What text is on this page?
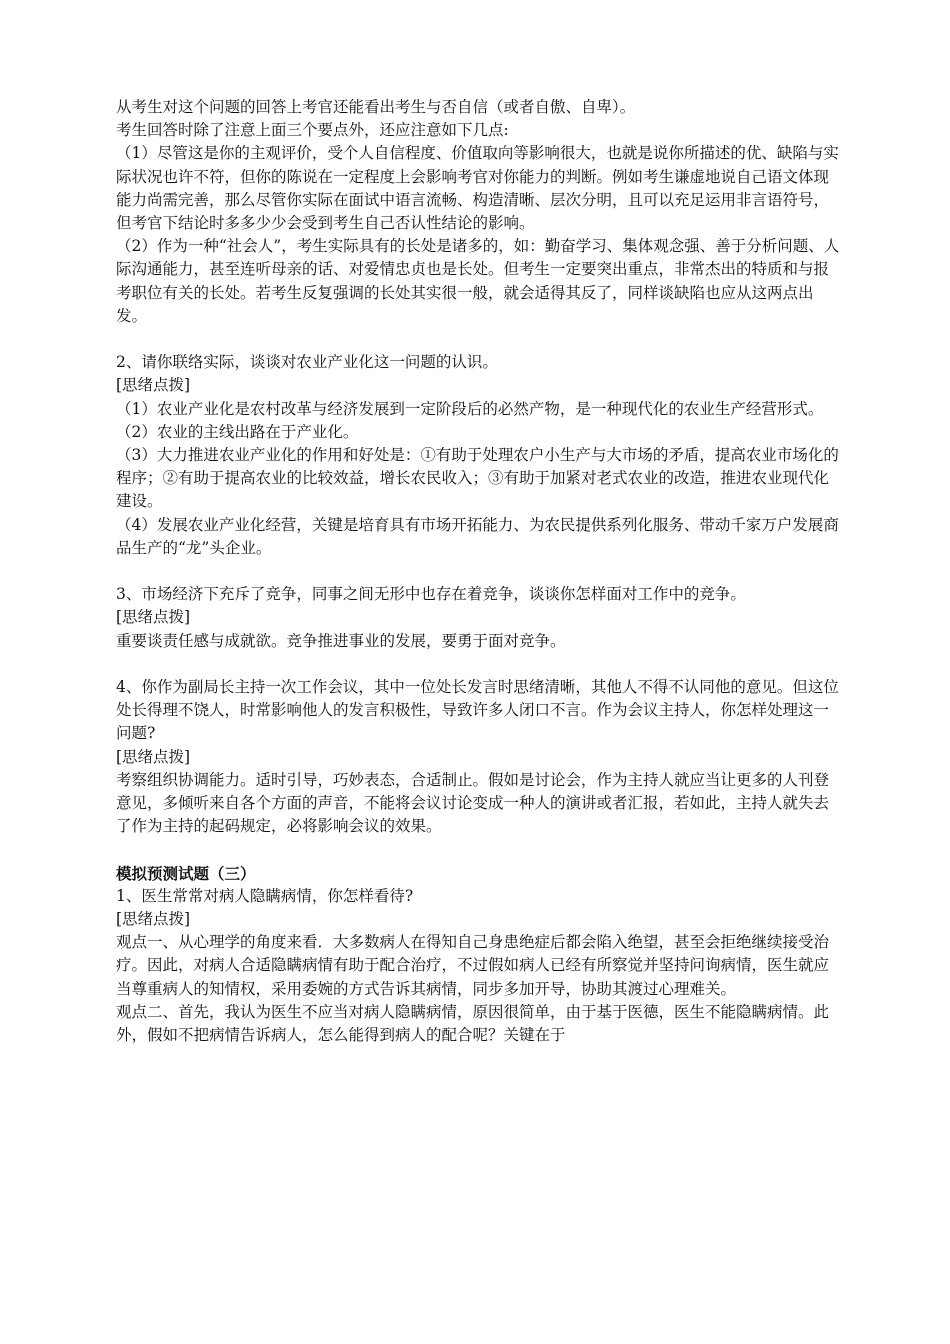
从考生对这个问题的回答上考官还能看出考生与否自信（或者自傲、自卑）。

考生回答时除了注意上面三个要点外，还应注意如下几点:

（1）尽管这是你的主观评价，受个人自信程度、价值取向等影响很大，也就是说你所描述的优、缺陷与实际状况也许不符，但你的陈说在一定程度上会影响考官对你能力的判断。例如考生谦虚地说自己语文体现能力尚需完善，那么尽管你实际在面试中语言流畅、构造清晰、层次分明，且可以充足运用非言语符号，但考官下结论时多多少少会受到考生自己否认性结论的影响。

（2）作为一种“社会人”，考生实际具有的长处是诸多的，如：勤奋学习、集体观念强、善于分析问题、人际沟通能力，甚至连听母亲的话、对爱情忠贞也是长处。但考生一定要突出重点，非常杰出的特质和与报考职位有关的长处。若考生反复强调的长处其实很一般，就会适得其反了，同样谈缺陷也应从这两点出发。

2、请你联络实际，谈谈对农业产业化这一问题的认识。

[思绪点拨]

（1）农业产业化是农村改革与经济发展到一定阶段后的必然产物，是一种现代化的农业生产经营形式。

（2）农业的主线出路在于产业化。

（3）大力推进农业产业化的作用和好处是：①有助于处理农户小生产与大市场的矛盾，提高农业市场化的程序；②有助于提高农业的比较效益，增长农民收入；③有助于加紧对老式农业的改造，推进农业现代化建设。

（4）发展农业产业化经营，关键是培育具有市场开拓能力、为农民提供系列化服务、带动千家万户发展商品生产的“龙”头企业。

3、市场经济下充斥了竞争，同事之间无形中也存在着竞争，谈谈你怎样面对工作中的竞争。

[思绪点拨]

重要谈责任感与成就欲。竞争推进事业的发展，要勇于面对竞争。

4、你作为副局长主持一次工作会议，其中一位处长发言时思绪清晰，其他人不得不认同他的意见。但这位处长得理不饶人，时常影响他人的发言积极性，导致许多人闭口不言。作为会议主持人，你怎样处理这一问题?

[思绪点拨]

考察组织协调能力。适时引导，巧妙表态，合适制止。假如是讨论会，作为主持人就应当让更多的人刊登意见，多倾听来自各个方面的声音，不能将会议讨论变成一种人的演讲或者汇报，若如此，主持人就失去了作为主持的起码规定，必将影响会议的效果。

模拟预测试题（三）

1、医生常常对病人隐瞒病情，你怎样看待?

[思绪点拨]

观点一、从心理学的角度来看．大多数病人在得知自己身患绝症后都会陷入绝望，甚至会拒绝继续接受治疗。因此，对病人合适隐瞒病情有助于配合治疗，不过假如病人已经有所察觉并坚持问询病情，医生就应当尊重病人的知情权，采用委婉的方式告诉其病情，同步多加开导，协助其渡过心理难关。

观点二、首先，我认为医生不应当对病人隐瞒病情，原因很简单，由于基于医德，医生不能隐瞒病情。此外，假如不把病情告诉病人，怎么能得到病人的配合呢？关键在于
